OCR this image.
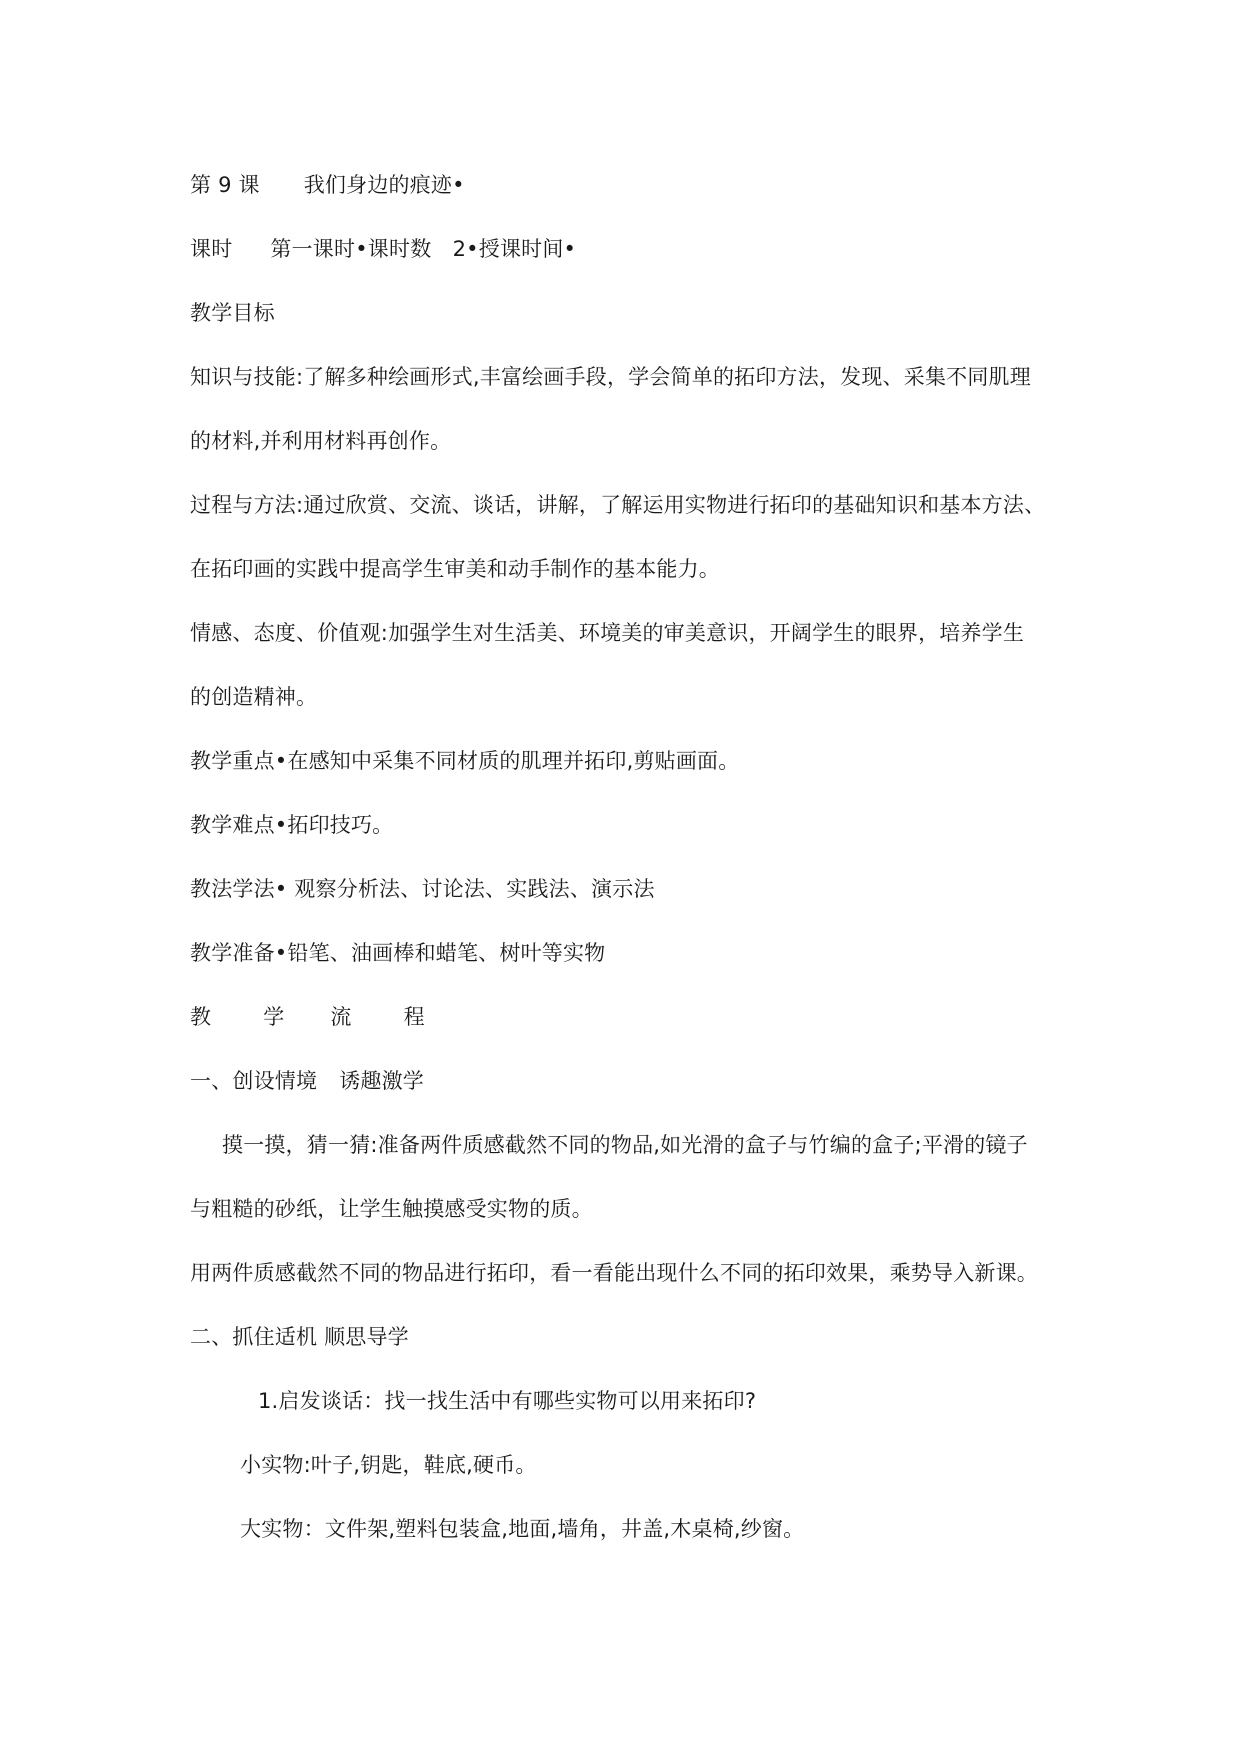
第 9 课 我们身边的痕迹•
课时 第一课时•课时数　2•授课时间•
教学目标
知识与技能:了解多种绘画形式,丰富绘画手段，学会简单的拓印方法，发现、采集不同肌理
的材料,并利用材料再创作。
过程与方法:通过欣赏、交流、谈话，讲解，了解运用实物进行拓印的基础知识和基本方法、
在拓印画的实践中提高学生审美和动手制作的基本能力。
情感、态度、价值观:加强学生对生活美、环境美的审美意识，开阔学生的眼界，培养学生
的创造精神。
教学重点•在感知中采集不同材质的肌理并拓印,剪贴画面。
教学难点•拓印技巧。
教法学法• 观察分析法、讨论法、实践法、演示法
教学准备•铅笔、油画棒和蜡笔、树叶等实物
教 学 流 程
一、创设情境 诱趣激学
摸一摸，猜一猜:准备两件质感截然不同的物品,如光滑的盒子与竹编的盒子;平滑的镜子
与粗糙的砂纸，让学生触摸感受实物的质。
用两件质感截然不同的物品进行拓印，看一看能出现什么不同的拓印效果，乘势导入新课。
二、抓住适机 顺思导学
1.启发谈话：找一找生活中有哪些实物可以用来拓印?
小实物:叶子,钥匙，鞋底,硬币。
大实物：文件架,塑料包装盒,地面,墙角，井盖,木桌椅,纱窗。
